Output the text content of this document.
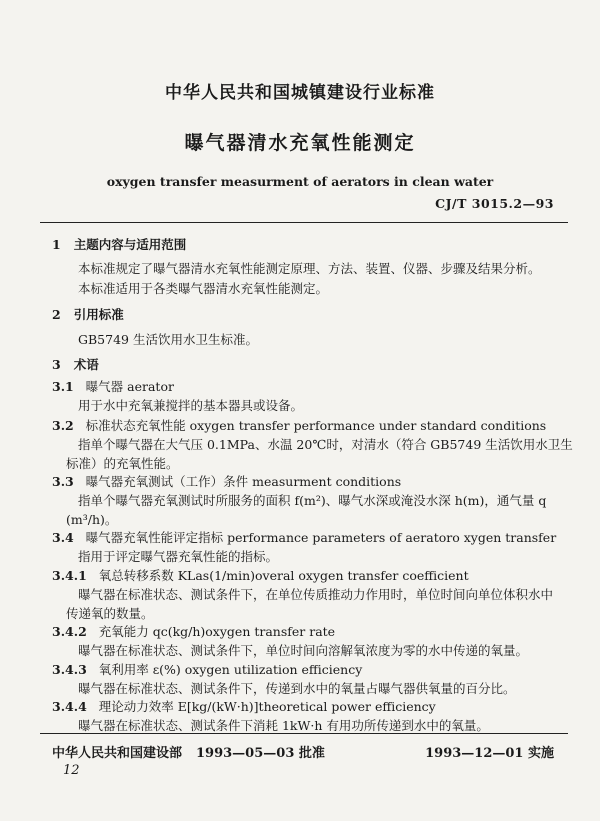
中华人民共和国城镇建设行业标准
曝气器清水充氧性能测定
oxygen transfer measurment of aerators in clean water
CJ/T 3015.2—93
1 主题内容与适用范围
本标准规定了曝气器清水充氧性能测定原理、方法、装置、仪器、步骤及结果分析。
本标准适用于各类曝气器清水充氧性能测定。
2 引用标准
GB5749 生活饮用水卫生标准。
3 术语
3.1 曝气器 aerator
用于水中充氧兼搅拌的基本器具或设备。
3.2 标准状态充氧性能 oxygen transfer performance under standard conditions
指单个曝气器在大气压 0.1MPa、水温 20℃时，对清水（符合 GB5749 生活饮用水卫生
标准）的充氧性能。
3.3 曝气器充氧测试（工作）条件 measurment conditions
指单个曝气器充氧测试时所服务的面积 f(m²)、曝气水深或淹没水深 h(m)，通气量 q
(m³/h)。
3.4 曝气器充氧性能评定指标 performance parameters of aeratoro xygen transfer
指用于评定曝气器充氧性能的指标。
3.4.1 氧总转移系数 KLas(1/min)overal oxygen transfer coefficient
曝气器在标准状态、测试条件下，在单位传质推动力作用时，单位时间向单位体积水中
传递氧的数量。
3.4.2 充氧能力 qc(kg/h)oxygen transfer rate
曝气器在标准状态、测试条件下，单位时间向溶解氧浓度为零的水中传递的氧量。
3.4.3 氧利用率 ε(%) oxygen utilization efficiency
曝气器在标准状态、测试条件下，传递到水中的氧量占曝气器供氧量的百分比。
3.4.4 理论动力效率 E[kg/(kW·h)]theoretical power efficiency
曝气器在标准状态、测试条件下消耗 1kW·h 有用功所传递到水中的氧量。
中华人民共和国建设部 1993—05—03 批准	1993—12—01 实施
12
